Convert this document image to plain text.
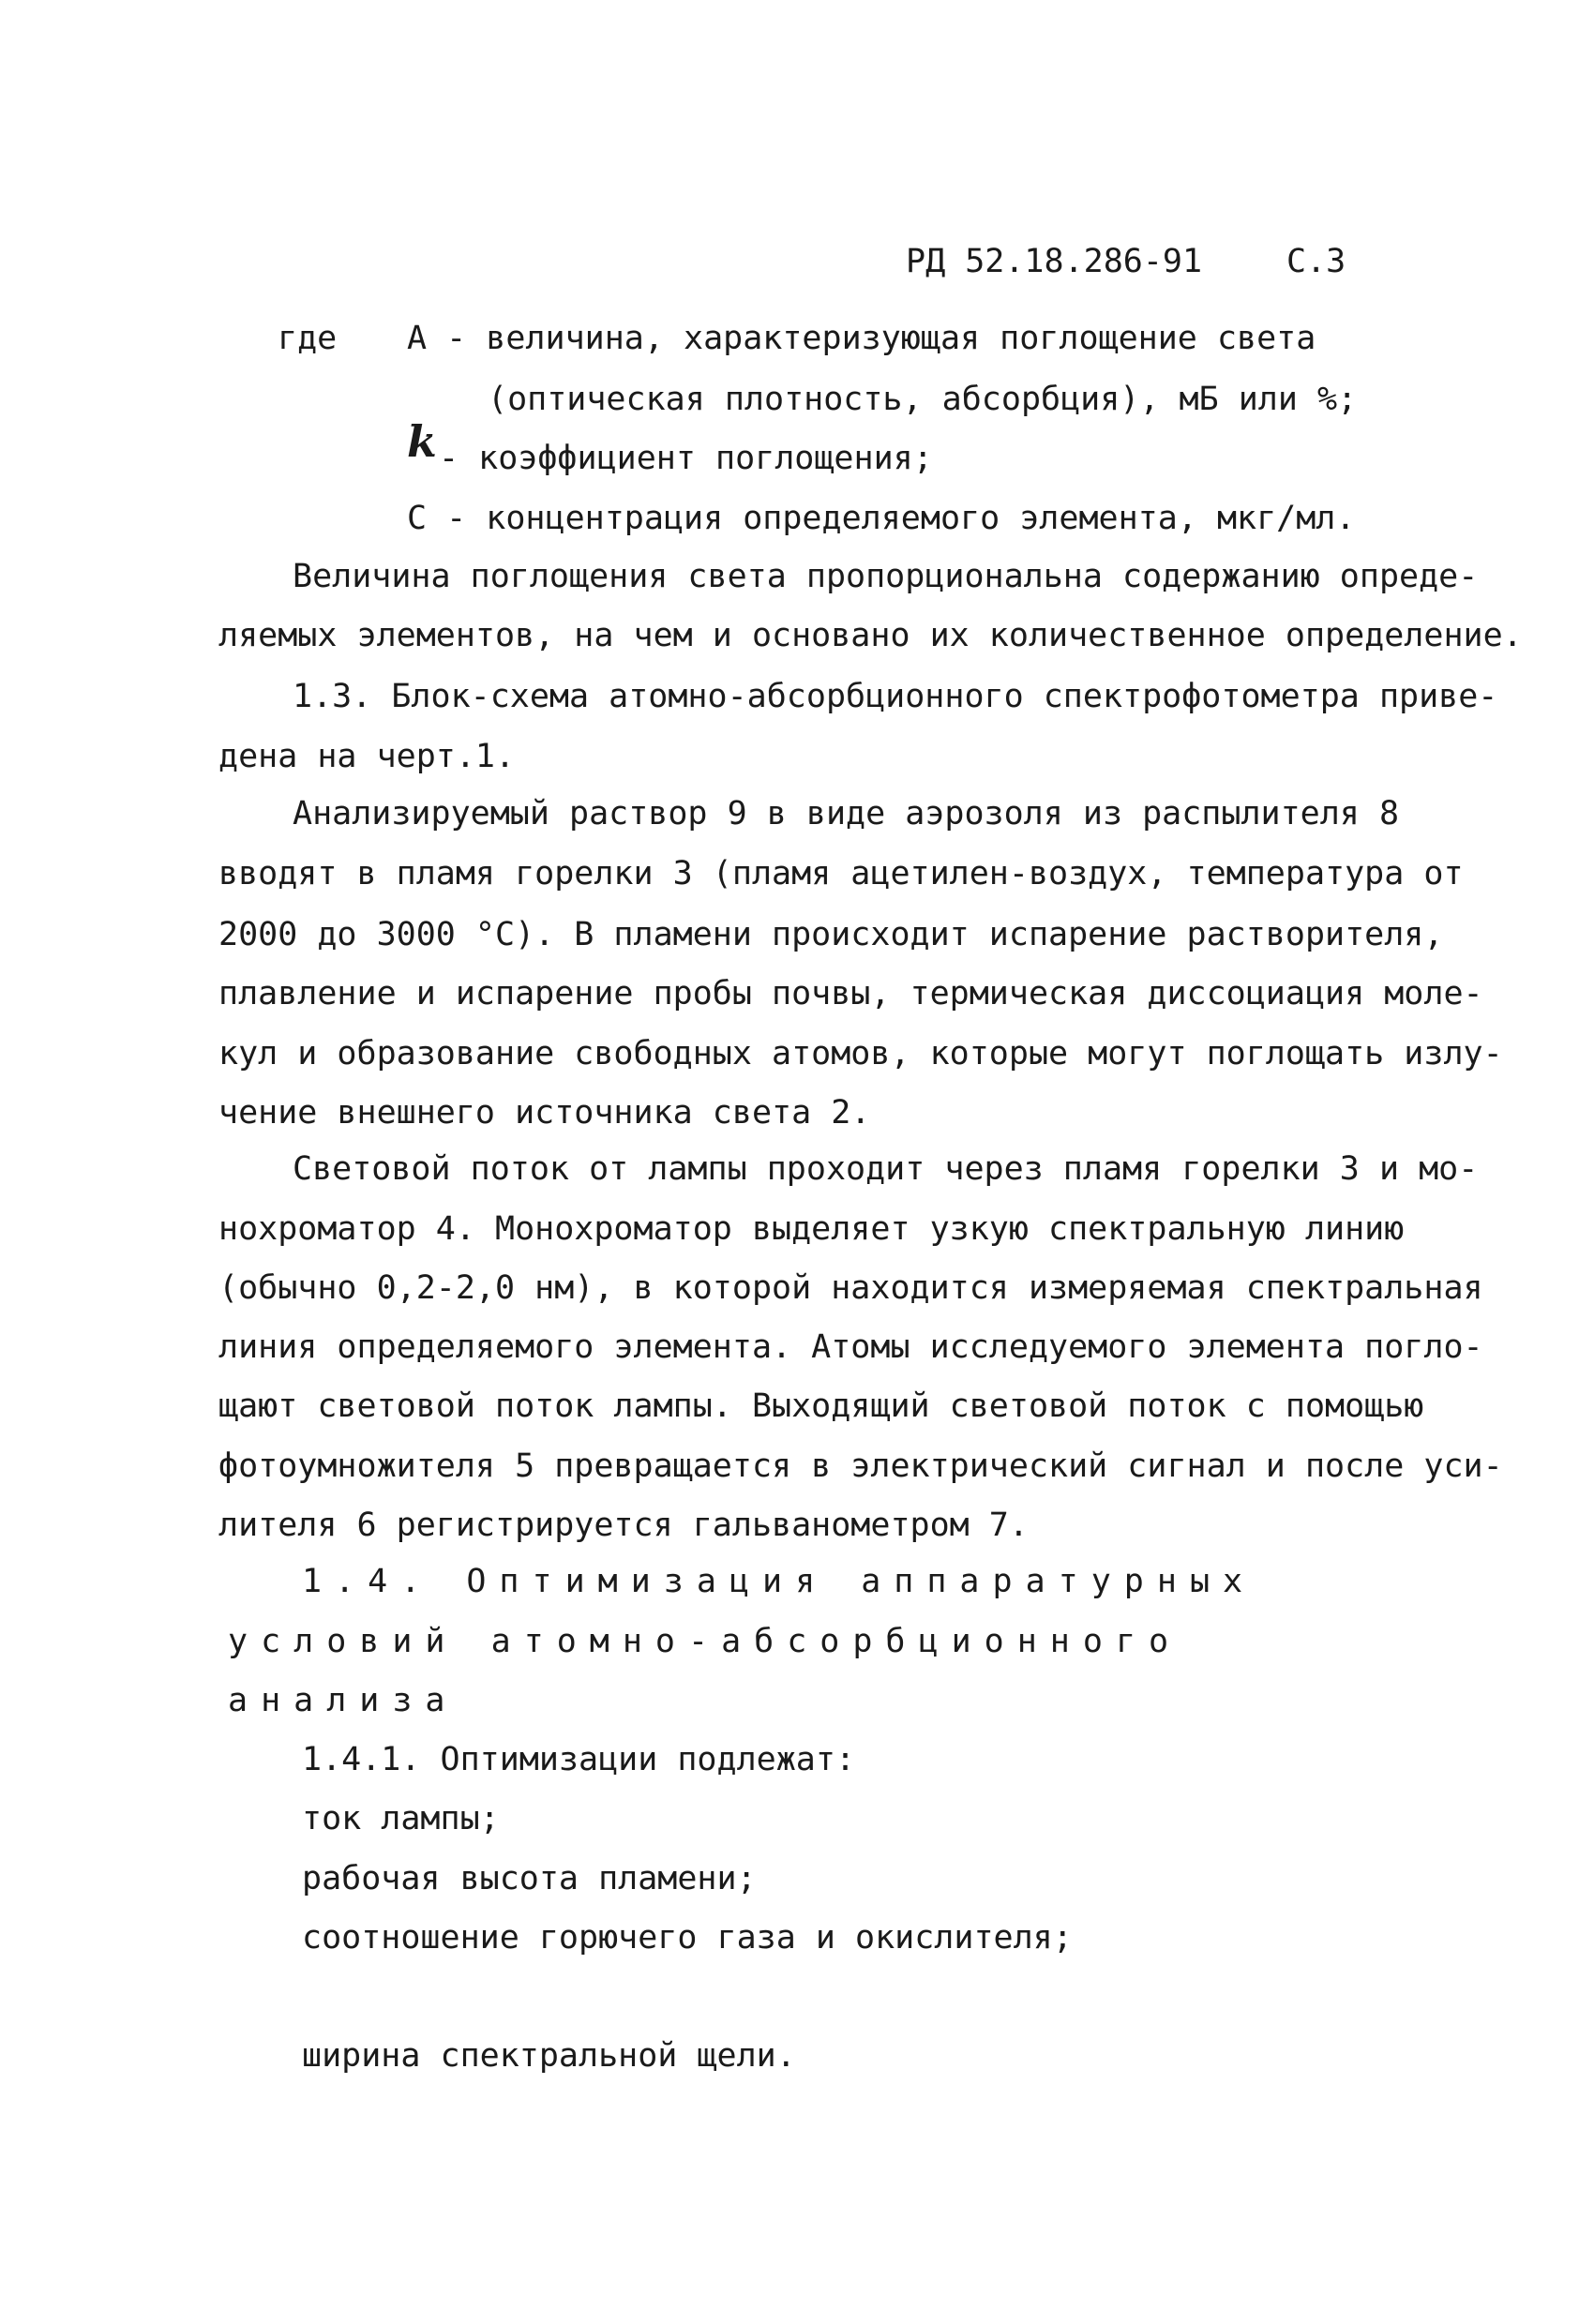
РД 52.18.286-91	С.3
где А - величина, характеризующая поглощение света
(оптическая плотность, абсорбция), мБ или %;
k - коэффициент поглощения;
С - концентрация определяемого элемента, мкг/мл.
Величина поглощения света пропорциональна содержанию опреде-
ляемых элементов, на чем и основано их количественное определение.
1.3. Блок-схема атомно-абсорбционного спектрофотометра приве-
дена на черт.1.
Анализируемый раствор 9 в виде аэрозоля из распылителя 8
вводят в пламя горелки 3 (пламя ацетилен-воздух, температура от
2000 до 3000 °С). В пламени происходит испарение растворителя,
плавление и испарение пробы почвы, термическая диссоциация моле-
кул и образование свободных атомов, которые могут поглощать излу-
чение внешнего источника света 2.
Световой поток от лампы проходит через пламя горелки 3 и мо-
нохроматор 4. Монохроматор выделяет узкую спектральную линию
(обычно 0,2-2,0 нм), в которой находится измеряемая спектральная
линия определяемого элемента. Атомы исследуемого элемента погло-
щают световой поток лампы. Выходящий световой поток с помощью
фотоумножителя 5 превращается в электрический сигнал и после уси-
лителя 6 регистрируется гальванометром 7.
1.4. Оптимизация аппаратурных
условий атомно-абсорбционного
анализа
1.4.1. Оптимизации подлежат:
ток лампы;
рабочая высота пламени;
соотношение горючего газа и окислителя;
ширина спектральной щели.
